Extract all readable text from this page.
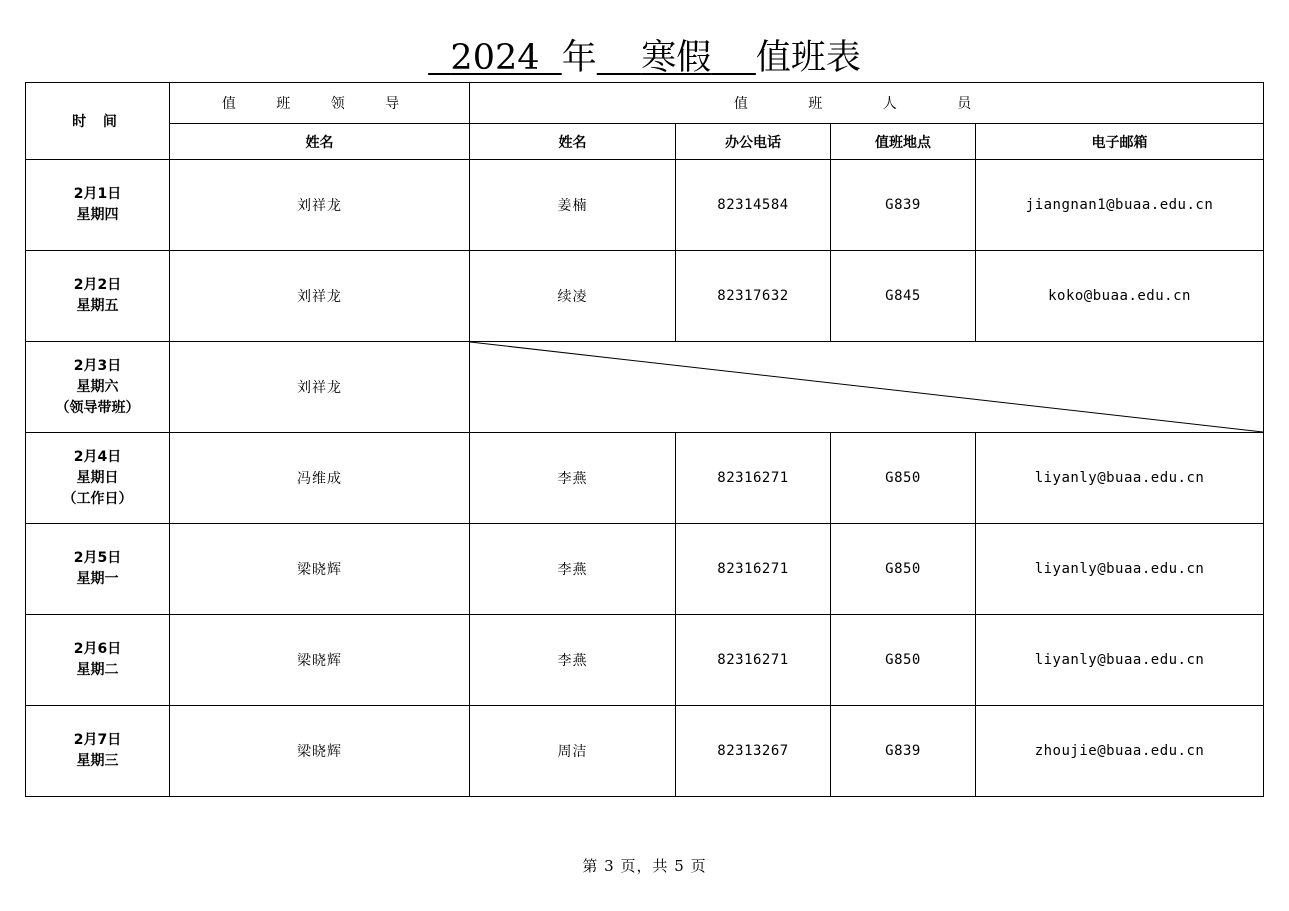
2024 年 寒假 值班表
时 间	值 班 领 导	值 班 人 员			
	姓名	姓名	办公电话	值班地点	电子邮箱

2月1日
星期四	刘祥龙	姜楠	82314584	G839	jiangnan1@buaa.edu.cn

2月2日
星期五	刘祥龙	续凌	82317632	G845	koko@buaa.edu.cn

2月3日
星期六
（领导带班）	刘祥龙	

2月4日
星期日
（工作日）	冯维成	李燕	82316271	G850	liyanly@buaa.edu.cn

2月5日
星期一	梁晓辉	李燕	82316271	G850	liyanly@buaa.edu.cn

2月6日
星期二	梁晓辉	李燕	82316271	G850	liyanly@buaa.edu.cn

2月7日
星期三	梁晓辉	周洁	82313267	G839	zhoujie@buaa.edu.cn
第 3 页，共 5 页
